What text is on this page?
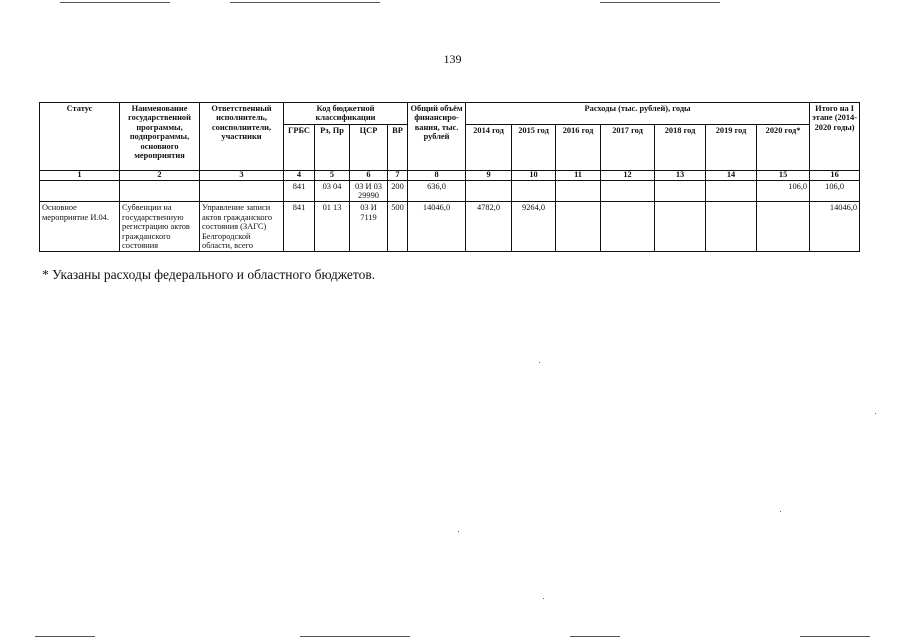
139
Статус	Наименование государственной программы, подпрограммы, основного мероприятия	Ответственный исполнитель, соисполнители, участники	Код бюджетной классификации				Общий объём финансиро-вания, тыс. рублей	Расходы (тыс. рублей), годы							Итого на I этапе (2014-2020 годы)
			ГРБС	Рз, Пр	ЦСР	ВР		2014 год	2015 год	2016 год	2017 год	2018 год	2019 год	2020 год*	
1	2	3	4	5	6	7	8	9	10	11	12	13	14	15	16
			841	03 04	03 И 03 29990	200	636,0							106,0	106,0
Основное мероприятие И.04.	Субвенции на государственную регистрацию актов гражданского состояния	Управление записи актов гражданского состояния (ЗАГС) Белгородской области, всего	841	01 13	03 И 7119	500	14046,0	4782,0	9264,0						14046,0
* Указаны расходы федерального и областного бюджетов.
